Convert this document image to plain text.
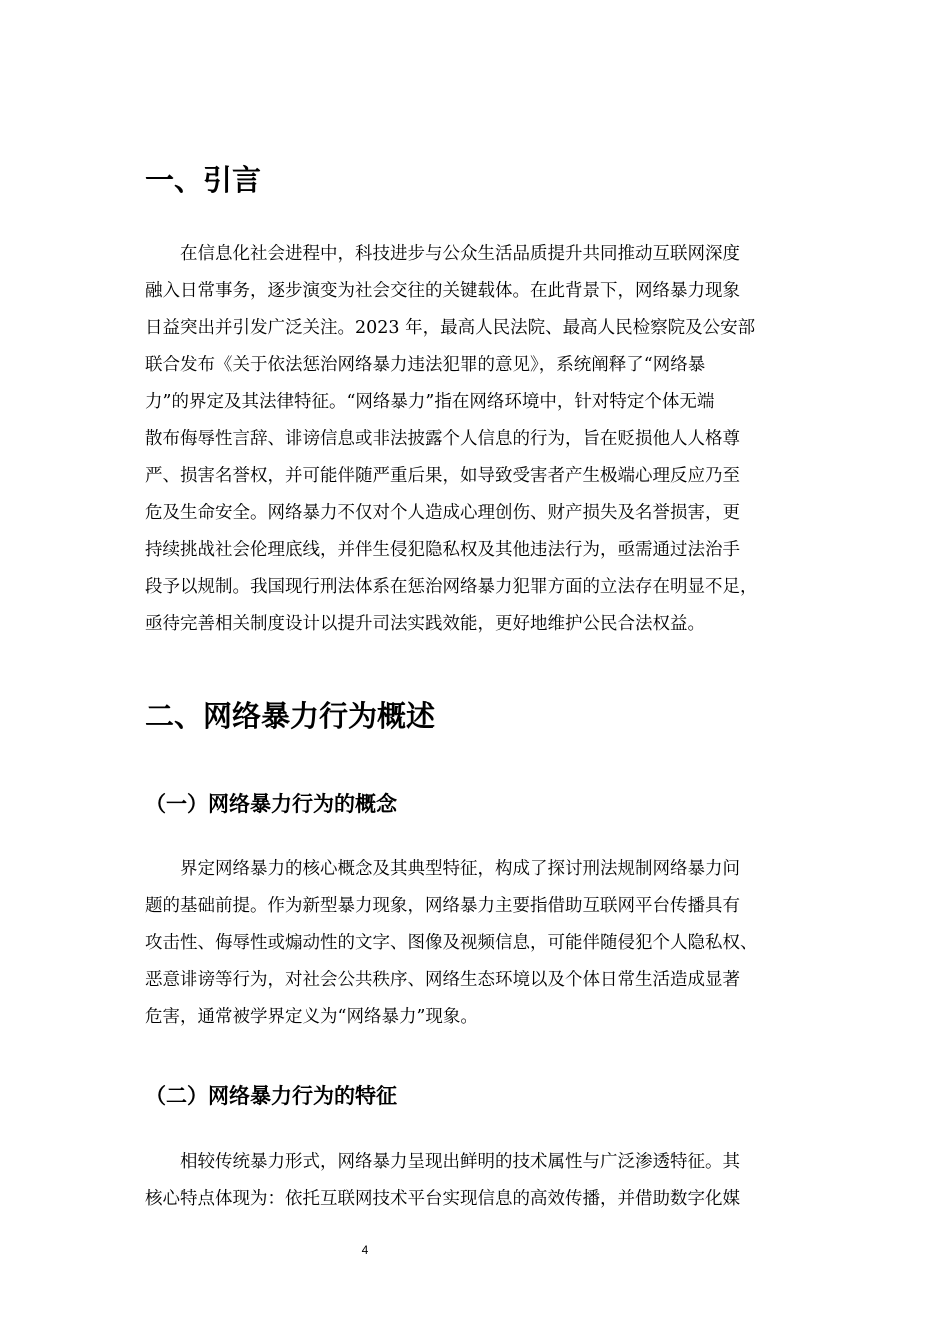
一、引言
在信息化社会进程中，科技进步与公众生活品质提升共同推动互联网深度
融入日常事务，逐步演变为社会交往的关键载体。在此背景下，网络暴力现象
日益突出并引发广泛关注。2023 年，最高人民法院、最高人民检察院及公安部
联合发布《关于依法惩治网络暴力违法犯罪的意见》，系统阐释了“网络暴
力”的界定及其法律特征。“网络暴力”指在网络环境中，针对特定个体无端
散布侮辱性言辞、诽谤信息或非法披露个人信息的行为，旨在贬损他人人格尊
严、损害名誉权，并可能伴随严重后果，如导致受害者产生极端心理反应乃至
危及生命安全。网络暴力不仅对个人造成心理创伤、财产损失及名誉损害，更
持续挑战社会伦理底线，并伴生侵犯隐私权及其他违法行为，亟需通过法治手
段予以规制。我国现行刑法体系在惩治网络暴力犯罪方面的立法存在明显不足，
亟待完善相关制度设计以提升司法实践效能，更好地维护公民合法权益。
二、网络暴力行为概述
（一）网络暴力行为的概念
界定网络暴力的核心概念及其典型特征，构成了探讨刑法规制网络暴力问
题的基础前提。作为新型暴力现象，网络暴力主要指借助互联网平台传播具有
攻击性、侮辱性或煽动性的文字、图像及视频信息，可能伴随侵犯个人隐私权、
恶意诽谤等行为，对社会公共秩序、网络生态环境以及个体日常生活造成显著
危害，通常被学界定义为“网络暴力”现象。
（二）网络暴力行为的特征
相较传统暴力形式，网络暴力呈现出鲜明的技术属性与广泛渗透特征。其
核心特点体现为：依托互联网技术平台实现信息的高效传播，并借助数字化媒
4
